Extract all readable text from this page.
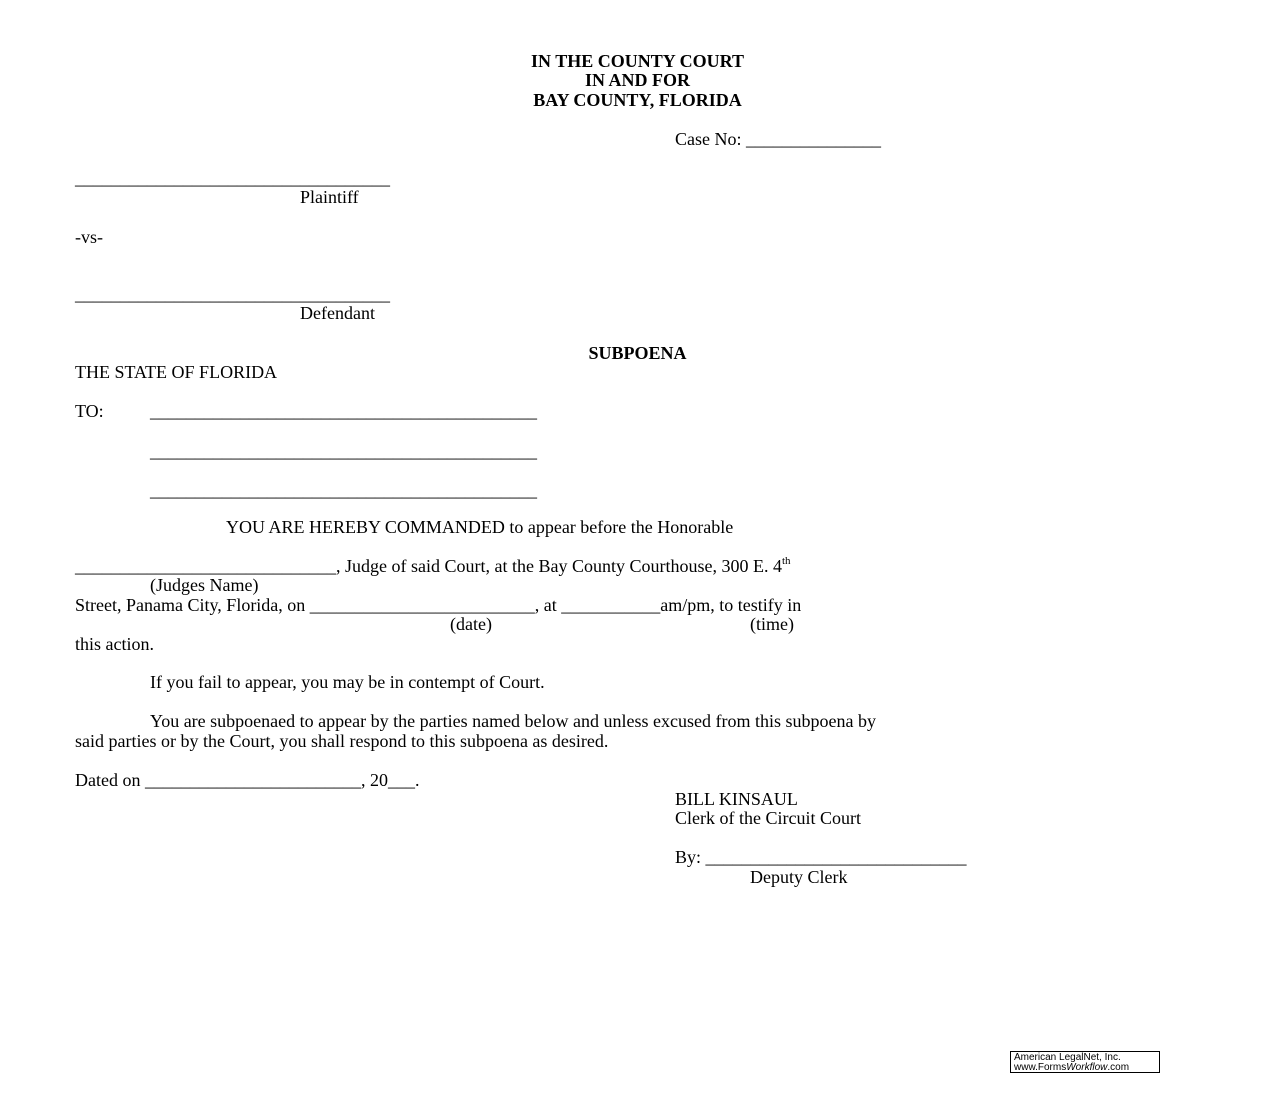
IN THE COUNTY COURT
IN AND FOR
BAY COUNTY, FLORIDA
Case No: _______________
___________________________________
Plaintiff
-vs-
___________________________________
Defendant
SUBPOENA
THE STATE OF FLORIDA
TO:	___________________________________________
___________________________________________
___________________________________________
YOU ARE HEREBY COMMANDED to appear before the Honorable
_____________________________, Judge of said Court, at the Bay County Courthouse, 300 E. 4th
(Judges Name)
Street, Panama City, Florida, on _________________________, at ___________am/pm, to testify in
(date)	(time)
this action.
If you fail to appear, you may be in contempt of Court.
You are subpoenaed to appear by the parties named below and unless excused from this subpoena by
said parties or by the Court, you shall respond to this subpoena as desired.
Dated on ________________________, 20___.
BILL KINSAUL
Clerk of the Circuit Court
By: _____________________________
Deputy Clerk
American LegalNet, Inc.
www.FormsWorkflow.com
